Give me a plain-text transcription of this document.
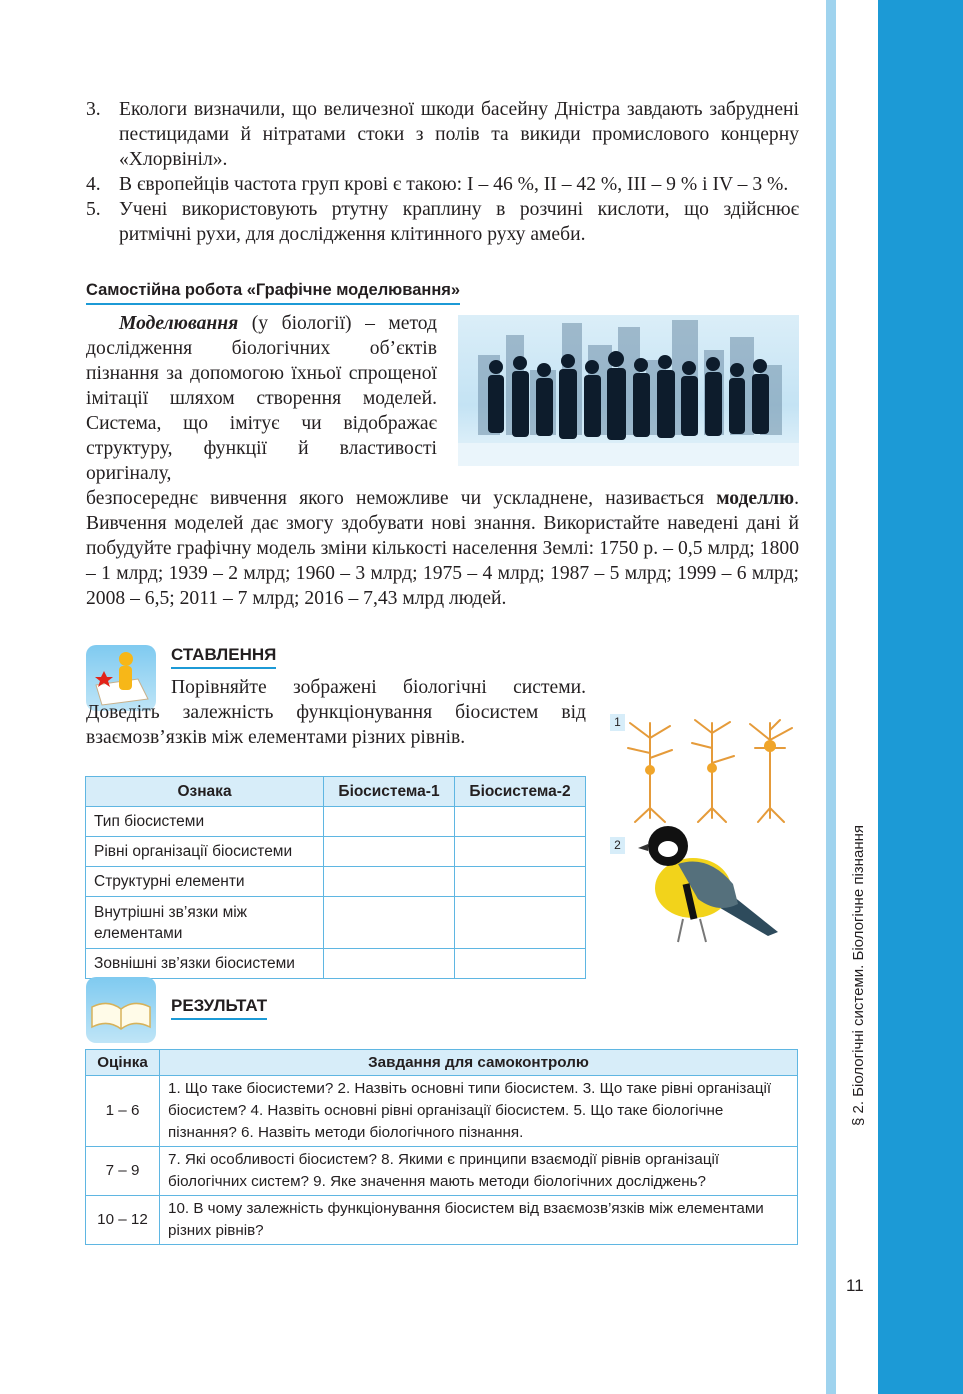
§ 2. Біологічні системи. Біологічне пізнання
11
3. Екологи визначили, що величезної шкоди басейну Дністра завдають забруднені пестицидами й нітратами стоки з полів та викиди промислового концерну «Хлорвініл».
4. В європейців частота груп крові є такою: I – 46 %, II – 42 %, III – 9 % і IV – 3 %.
5. Учені використовують ртутну краплину в розчині кислоти, що здійснює ритмічні рухи, для дослідження клітинного руху амеби.
Самостійна робота «Графічне моделювання»

Моделювання (у біології) – метод дослідження біологічних об’єктів пізнання за допомогою їхньої спрощеної імітації шляхом створення моделей. Система, що імітує чи відображає структуру, функції й властивості оригіналу,

безпосереднє вивчення якого неможливе чи ускладнене, називається моделлю. Вивчення моделей дає змогу здобувати нові знання. Використайте наведені дані й побудуйте графічну модель зміни кількості населення Землі: 1750 р. – 0,5 млрд; 1800 – 1 млрд; 1939 – 2 млрд; 1960 – 3 млрд; 1975 – 4 млрд; 1987 – 5 млрд; 1999 – 6 млрд; 2008 – 6,5; 2011 – 7 млрд; 2016 – 7,43 млрд людей.
СТАВЛЕННЯ

Порівняйте зображені біологічні системи. Доведіть залежність функціонування біосистем від взаємозв’язків між елементами різних рівнів.

Ознака	Біосистема-1	Біосистема-2
Тип біосистеми		
Рівні організації біосистеми		
Структурні елементи		
Внутрішні зв’язки між елементами		
Зовнішні зв’язки біосистеми		
1
2
РЕЗУЛЬТАТ
Оцінка	Завдання для самоконтролю
1 – 6	1. Що таке біосистеми? 2. Назвіть основні типи біосистем. 3. Що таке рівні організації біосистем? 4. Назвіть основні рівні організації біосистем. 5. Що таке біологічне пізнання? 6. Назвіть методи біологічного пізнання.
7 – 9	7. Які особливості біосистем? 8. Якими є принципи взаємодії рівнів організації біологічних систем? 9. Яке значення мають методи біологічних досліджень?
10 – 12	10. В чому залежність функціонування біосистем від взаємозв’язків між елементами різних рівнів?
